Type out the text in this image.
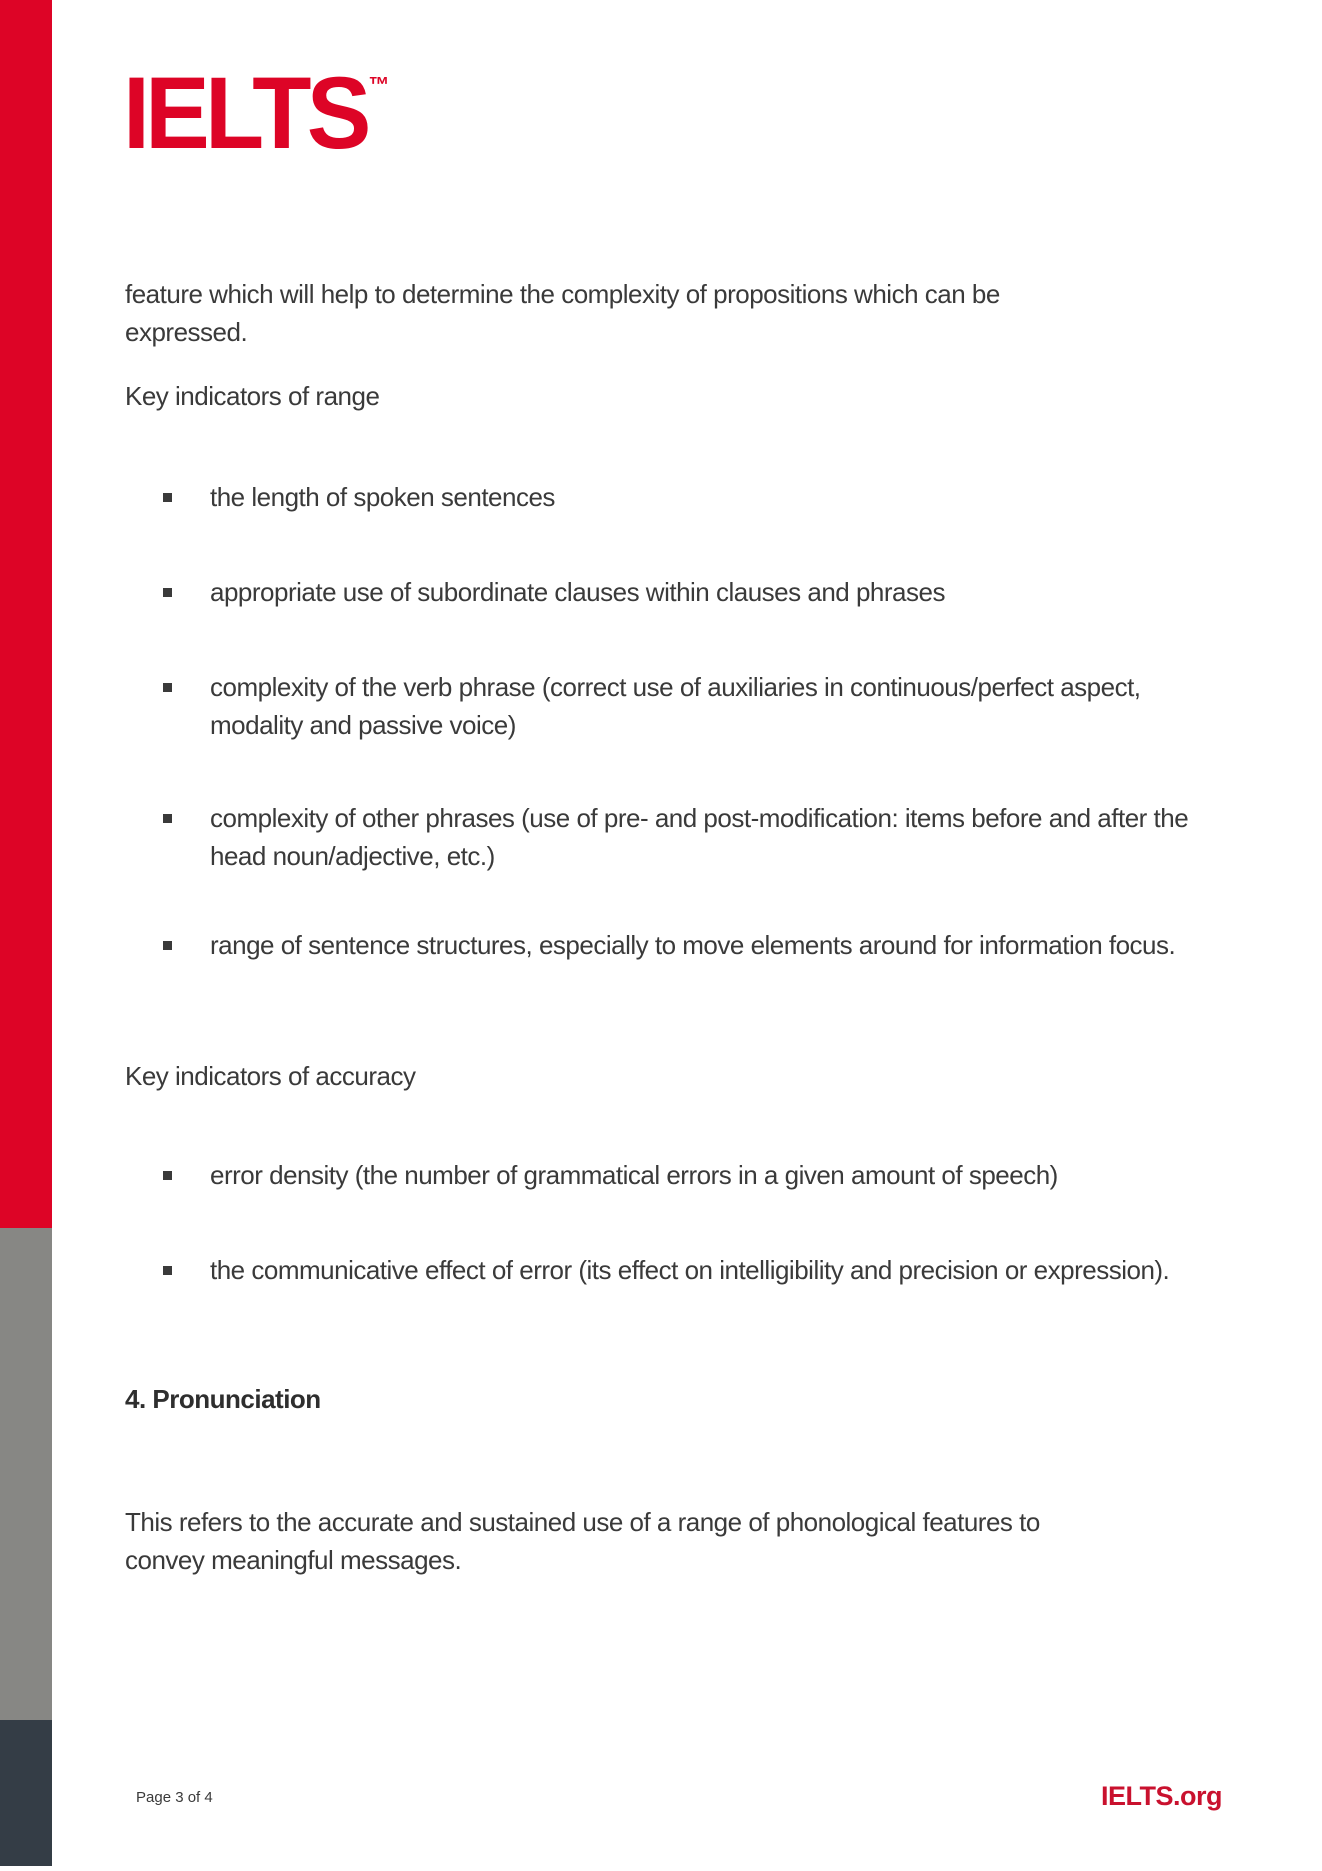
IELTS™

feature which will help to determine the complexity of propositions which can be expressed.

Key indicators of range
the length of spoken sentences
appropriate use of subordinate clauses within clauses and phrases
complexity of the verb phrase (correct use of auxiliaries in continuous/perfect aspect, modality and passive voice)
complexity of other phrases (use of pre- and post-modification: items before and after the head noun/adjective, etc.)
range of sentence structures, especially to move elements around for information focus.
Key indicators of accuracy
error density (the number of grammatical errors in a given amount of speech)
the communicative effect of error (its effect on intelligibility and precision or expression).
4. Pronunciation

This refers to the accurate and sustained use of a range of phonological features to convey meaningful messages.

Page 3 of 4	IELTS.org
